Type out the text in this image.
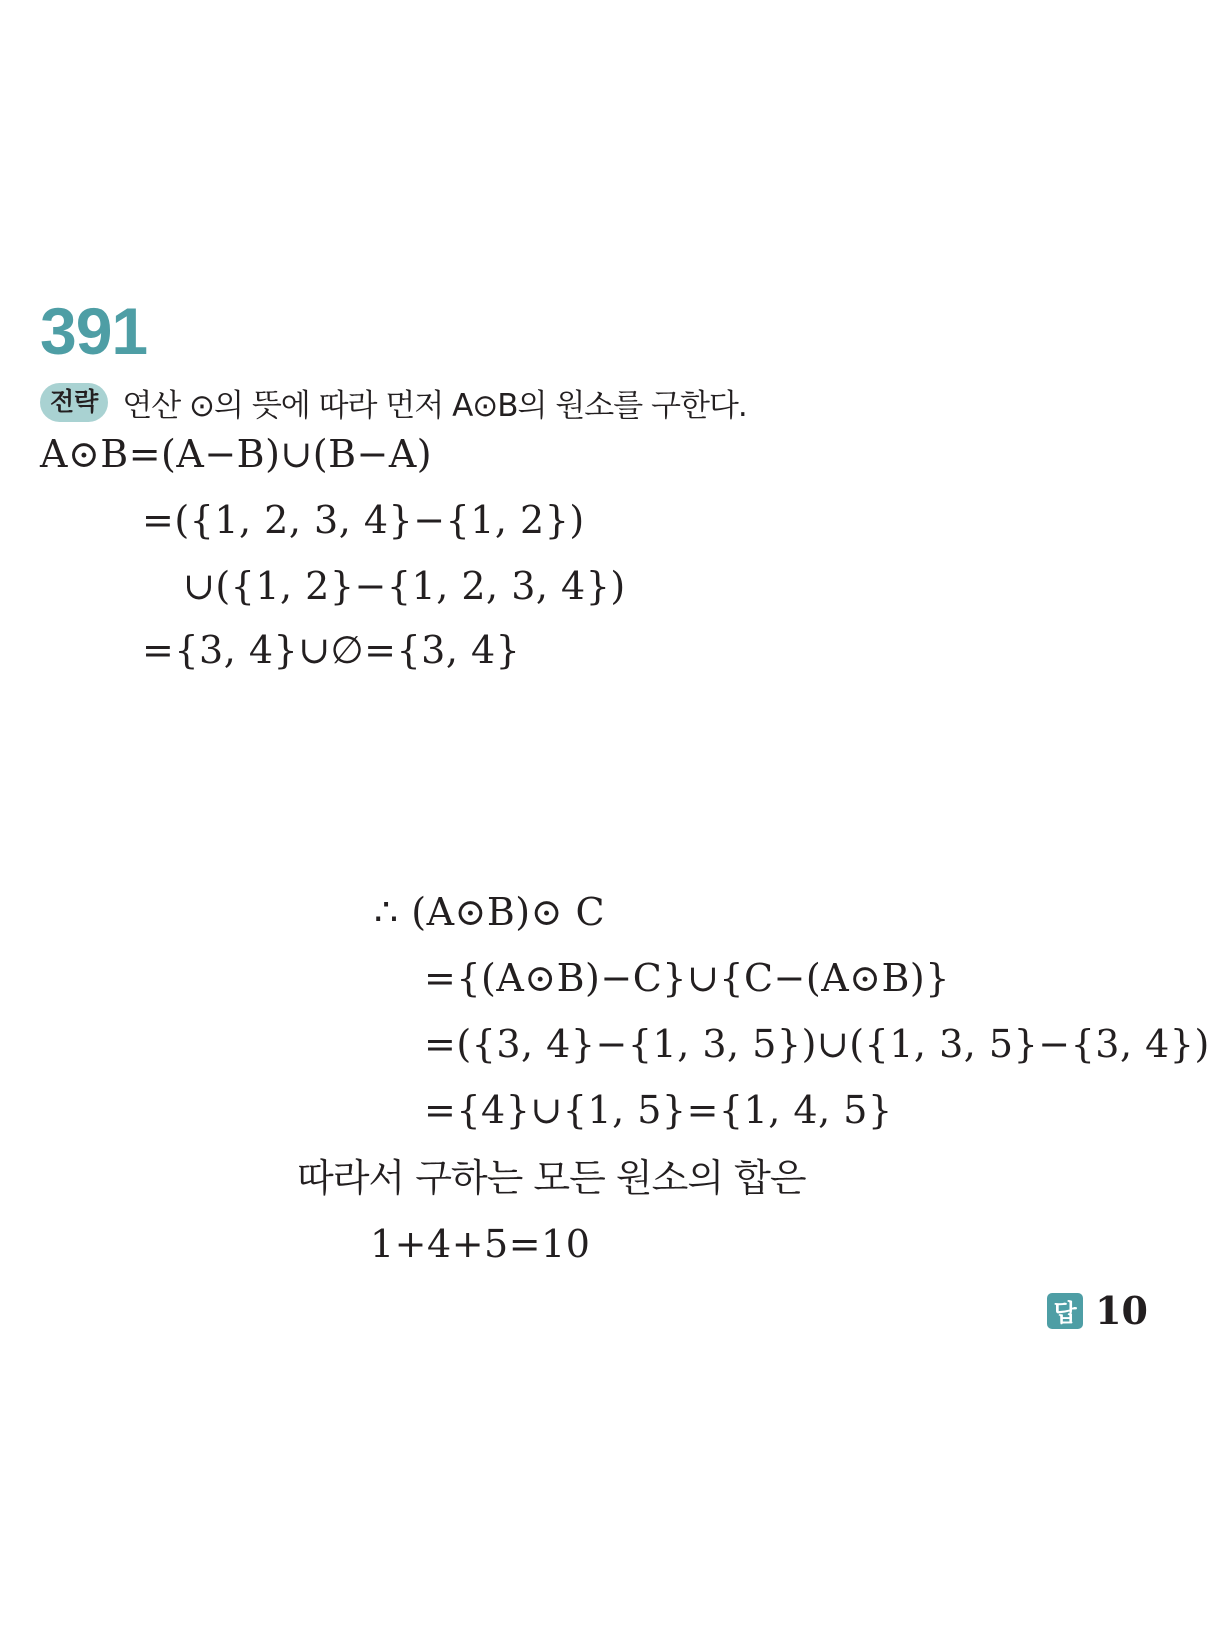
391
전략 연산 ⊙의 뜻에 따라 먼저 A⊙B의 원소를 구한다.
A⊙B=(A−B)∪(B−A)
=({1, 2, 3, 4}−{1, 2})
∪({1, 2}−{1, 2, 3, 4})
={3, 4}∪∅={3, 4}
∴ (A⊙B)⊙ C
={(A⊙B)−C}∪{C−(A⊙B)}
=({3, 4}−{1, 3, 5})∪({1, 3, 5}−{3, 4})
={4}∪{1, 5}={1, 4, 5}
따라서 구하는 모든 원소의 합은
1+4+5=10
답 10
